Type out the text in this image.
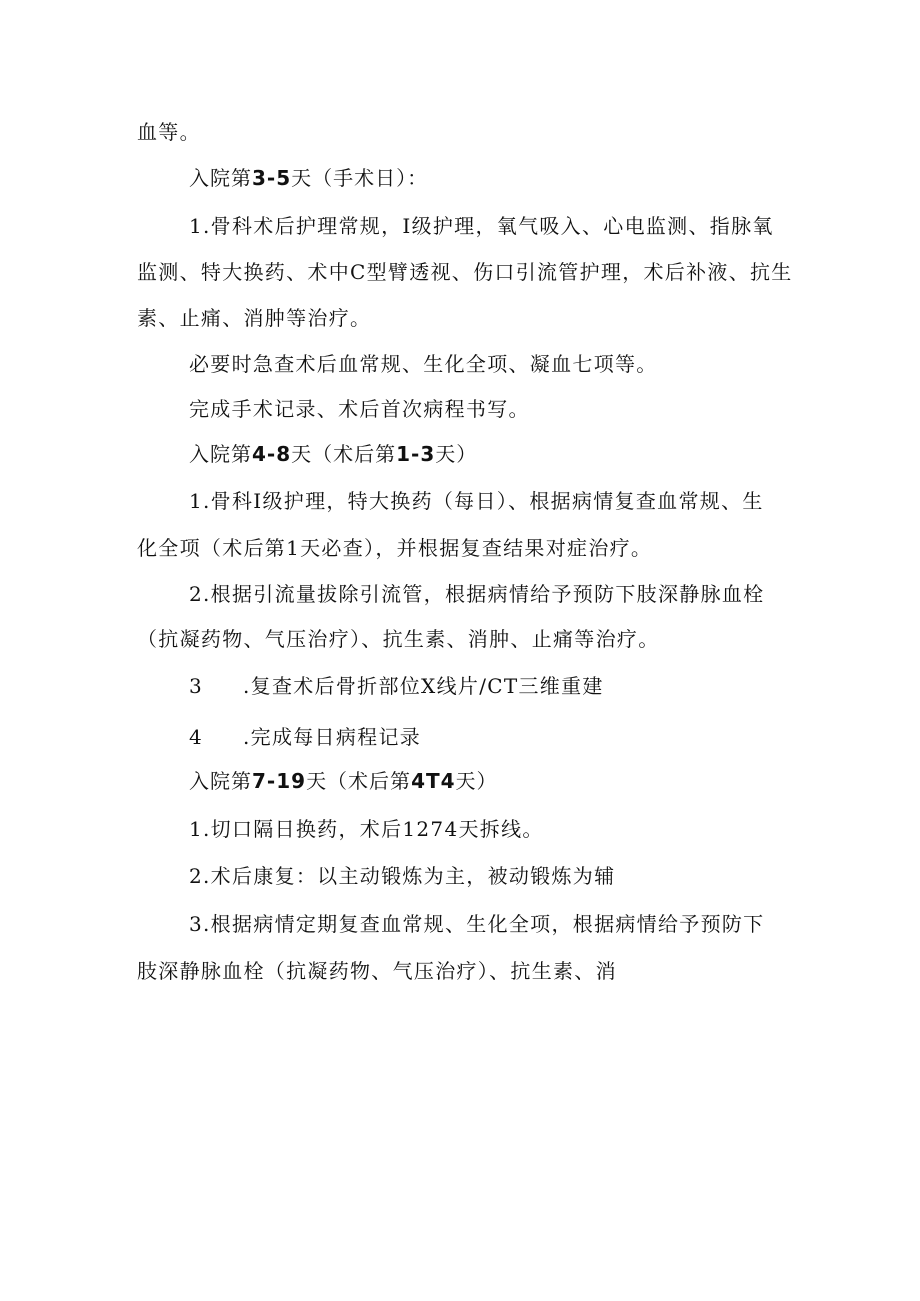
血等。
入院第3-5天（手术日）：
1.骨科术后护理常规，Ⅰ级护理，氧气吸入、心电监测、指脉氧
监测、特大换药、术中C型臂透视、伤口引流管护理，术后补液、抗生
素、止痛、消肿等治疗。
必要时急查术后血常规、生化全项、凝血七项等。
完成手术记录、术后首次病程书写。
入院第4-8天（术后第1-3天）
1.骨科Ⅰ级护理，特大换药（每日）、根据病情复查血常规、生
化全项（术后第1天必查），并根据复查结果对症治疗。
2.根据引流量拔除引流管，根据病情给予预防下肢深静脉血栓
（抗凝药物、气压治疗）、抗生素、消肿、止痛等治疗。
3 .复查术后骨折部位X线片/CT三维重建
4 .完成每日病程记录
入院第7-19天（术后第4T4天）
1.切口隔日换药，术后1274天拆线。
2.术后康复：以主动锻炼为主，被动锻炼为辅
3.根据病情定期复查血常规、生化全项，根据病情给予预防下
肢深静脉血栓（抗凝药物、气压治疗）、抗生素、消
